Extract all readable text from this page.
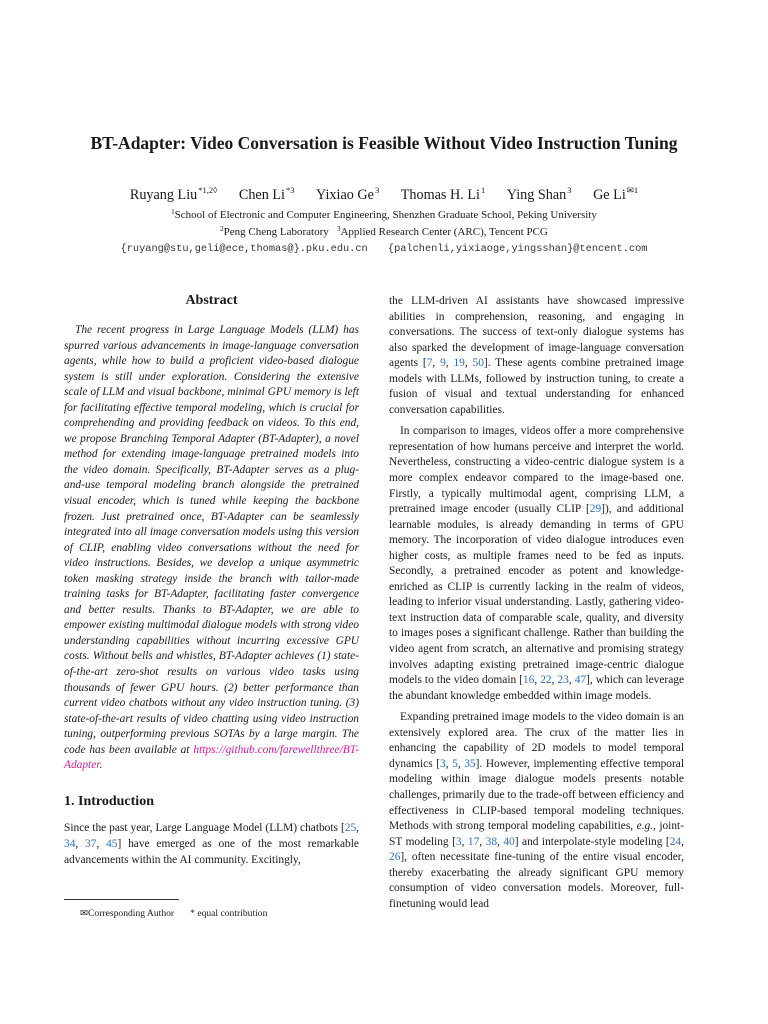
BT-Adapter: Video Conversation is Feasible Without Video Instruction Tuning
Ruyang Liu$^{*1,2◊}$ Chen Li$^{*3}$ Yixiao Ge$^3$ Thomas H. Li$^1$ Ying Shan$^3$ Ge $Li^{✉1}$
$^1$School of Electronic and Computer Engineering, Shenzhen Graduate School, Peking University
$^2$Peng Cheng Laboratory $^3$Applied Research Center (ARC), Tencent PCG
{ruyang@stu,geli@ece,thomas@}.pku.edu.cn {palchenli,yixiaoge,yingsshan}@tencent.com
Abstract

The recent progress in Large Language Models (LLM) has spurred various advancements in image-language conversation agents, while how to build a proficient video-based dialogue system is still under exploration. Considering the extensive scale of LLM and visual backbone, minimal GPU memory is left for facilitating effective temporal modeling, which is crucial for comprehending and providing feedback on videos. To this end, we propose Branching Temporal Adapter (BT-Adapter), a novel method for extending image-language pretrained models into the video domain. Specifically, BT-Adapter serves as a plug-and-use temporal modeling branch alongside the pretrained visual encoder, which is tuned while keeping the backbone frozen. Just pretrained once, BT-Adapter can be seamlessly integrated into all image conversation models using this version of CLIP, enabling video conversations without the need for video instructions. Besides, we develop a unique asymmetric token masking strategy inside the branch with tailor-made training tasks for BT-Adapter, facilitating faster convergence and better results. Thanks to BT-Adapter, we are able to empower existing multimodal dialogue models with strong video understanding capabilities without incurring excessive GPU costs. Without bells and whistles, BT-Adapter achieves (1) state-of-the-art zero-shot results on various video tasks using thousands of fewer GPU hours. (2) better performance than current video chatbots without any video instruction tuning. (3) state-of-the-art results of video chatting using video instruction tuning, outperforming previous SOTAs by a large margin. The code has been available at https://github.com/farewellthree/BT-Adapter.

1. Introduction

Since the past year, Large Language Model (LLM) chatbots [25, 34, 37, 45] have emerged as one of the most remarkable advancements within the AI community. Excitingly,

✉Corresponding Author * equal contribution

the LLM-driven AI assistants have showcased impressive abilities in comprehension, reasoning, and engaging in conversations. The success of text-only dialogue systems has also sparked the development of image-language conversation agents [7, 9, 19, 50]. These agents combine pretrained image models with LLMs, followed by instruction tuning, to create a fusion of visual and textual understanding for enhanced conversation capabilities.

In comparison to images, videos offer a more comprehensive representation of how humans perceive and interpret the world. Nevertheless, constructing a video-centric dialogue system is a more complex endeavor compared to the image-based one. Firstly, a typically multimodal agent, comprising LLM, a pretrained image encoder (usually CLIP [29]), and additional learnable modules, is already demanding in terms of GPU memory. The incorporation of video dialogue introduces even higher costs, as multiple frames need to be fed as inputs. Secondly, a pretrained encoder as potent and knowledge-enriched as CLIP is currently lacking in the realm of videos, leading to inferior visual understanding. Lastly, gathering video-text instruction data of comparable scale, quality, and diversity to images poses a significant challenge. Rather than building the video agent from scratch, an alternative and promising strategy involves adapting existing pretrained image-centric dialogue models to the video domain [16, 22, 23, 47], which can leverage the abundant knowledge embedded within image models.

Expanding pretrained image models to the video domain is an extensively explored area. The crux of the matter lies in enhancing the capability of 2D models to model temporal dynamics [3, 5, 35]. However, implementing effective temporal modeling within image dialogue models presents notable challenges, primarily due to the trade-off between efficiency and effectiveness in CLIP-based temporal modeling techniques. Methods with strong temporal modeling capabilities, e.g., joint-ST modeling [3, 17, 38, 40] and interpolate-style modeling [24, 26], often necessitate fine-tuning of the entire visual encoder, thereby exacerbating the already significant GPU memory consumption of video conversation models. Moreover, full-finetuning would lead
